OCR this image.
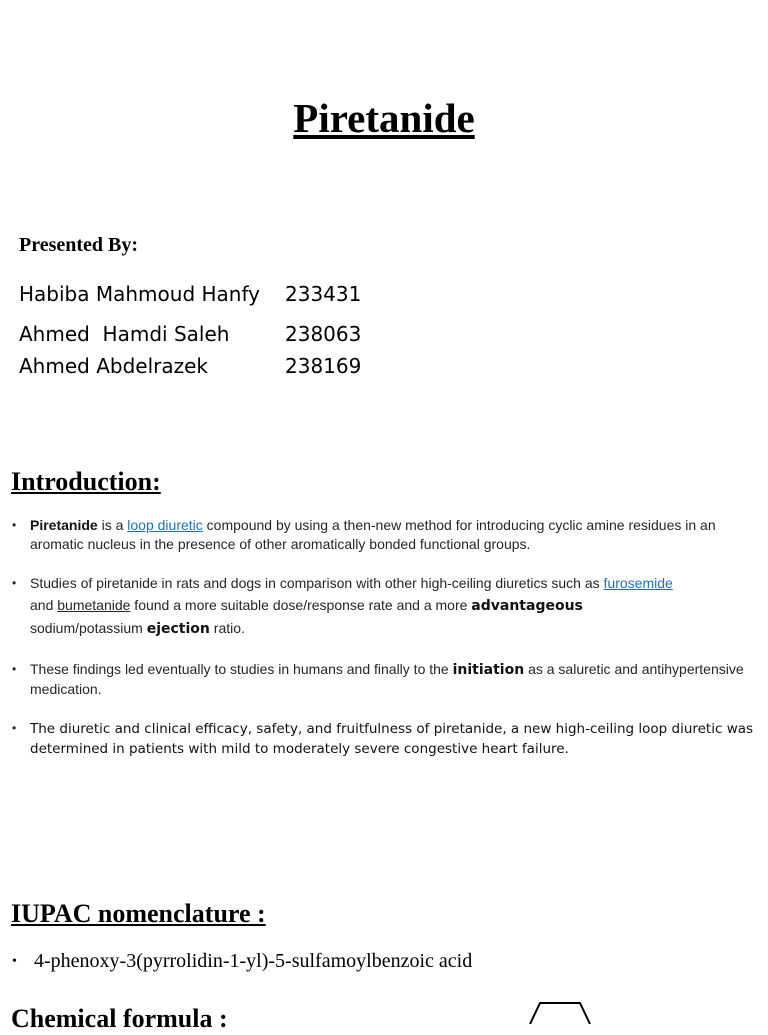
Piretanide
Presented By:
Habiba Mahmoud Hanfy 233431
Ahmed  Hamdi Saleh	238063
Ahmed Abdelrazek	238169
Introduction:
• Piretanide is a loop diuretic compound by using a then-new method for introducing cyclic amine residues in an aromatic nucleus in the presence of other aromatically bonded functional groups.
• Studies of piretanide in rats and dogs in comparison with other high-ceiling diuretics such as furosemide
and bumetanide found a more suitable dose/response rate and a more advantageous
sodium/potassium ejection ratio.
• These findings led eventually to studies in humans and finally to the initiation as a saluretic and antihypertensive medication.
• The diuretic and clinical efficacy, safety, and fruitfulness of piretanide, a new high-ceiling loop diuretic was determined in patients with mild to moderately severe congestive heart failure.
IUPAC nomenclature :
• 4-phenoxy-3(pyrrolidin-1-yl)-5-sulfamoylbenzoic acid
Chemical formula :
